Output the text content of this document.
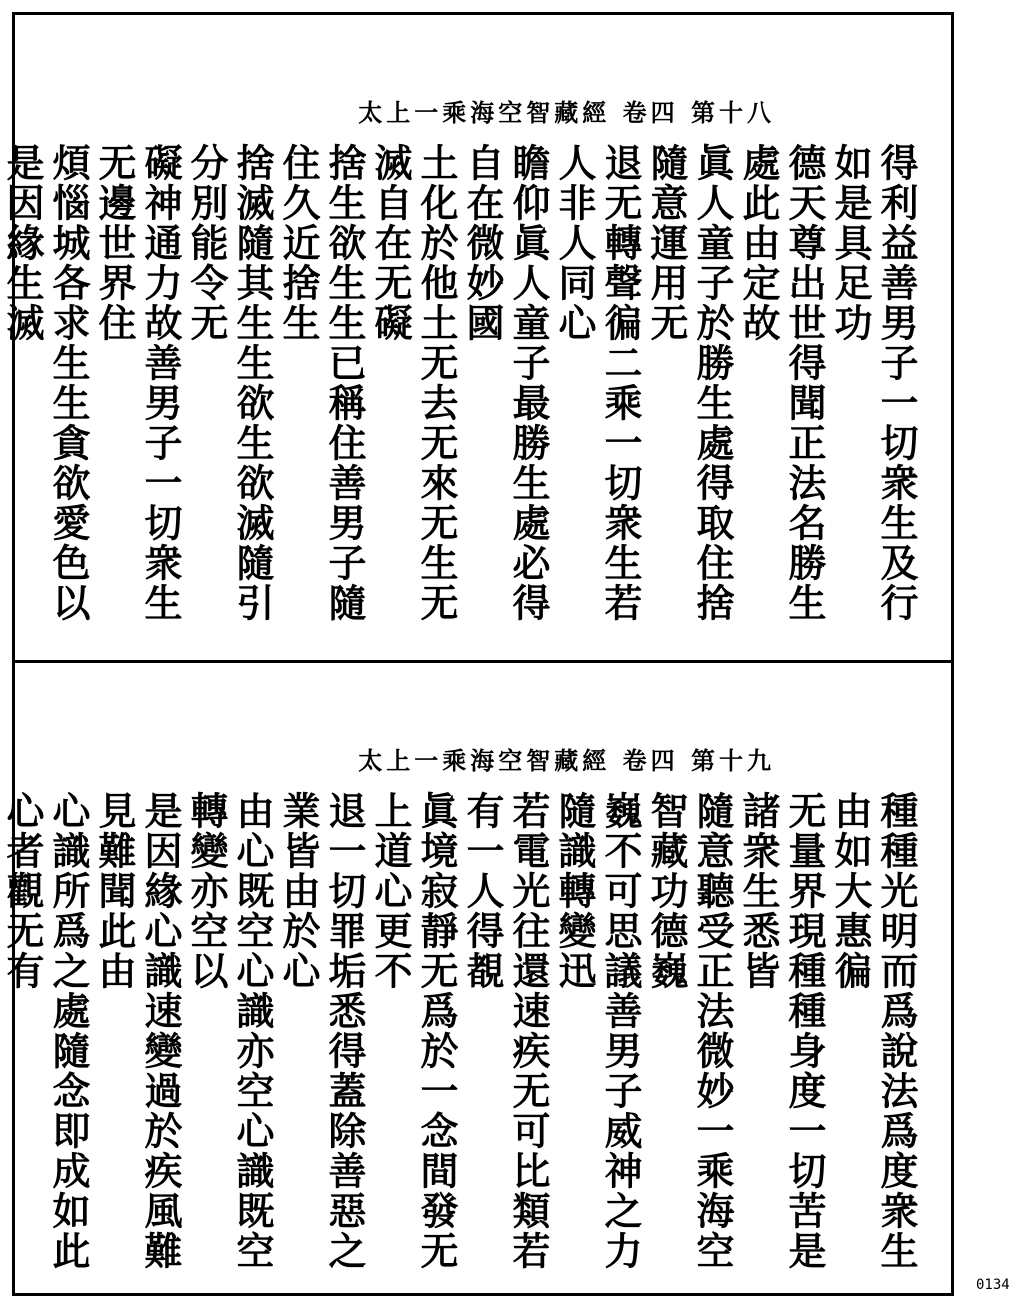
八十第 四卷 經藏智空海乘一上太

得利益善男子一切衆生及行如是具足功

德天尊出世得聞正法名勝生處此由定故

眞人童子於勝生處得取住捨隨意運用无

退无轉聲徧二乘一切衆生若人非人同心

瞻仰眞人童子最勝生處必得自在微妙國

土化於他土无去无來无生无滅自在无礙

捨生欲生生已稱住善男子隨住久近捨生

捨滅隨其生生欲生欲滅隨引分別能令无

礙神通力故善男子一切衆生无邊世界住

煩惱城各求生生貪欲愛色以是因緣生滅

九十第 四卷 經藏智空海乘一上太

種種光明而爲說法爲度衆生由如大惠徧

无量界現種種身度一切苦是諸衆生悉皆

隨意聽受正法微妙一乘海空智藏功德巍

巍不可思議善男子威神之力隨識轉變迅

若電光往還速疾无可比類若有一人得覩

眞境寂靜无爲於一念間發无上道心更不

退一切罪垢悉得蓋除善惡之業皆由於心

由心既空心識亦空心識既空轉變亦空以

是因緣心識速變過於疾風難見難聞此由

心識所爲之處隨念即成如此心者觀无有

0134
